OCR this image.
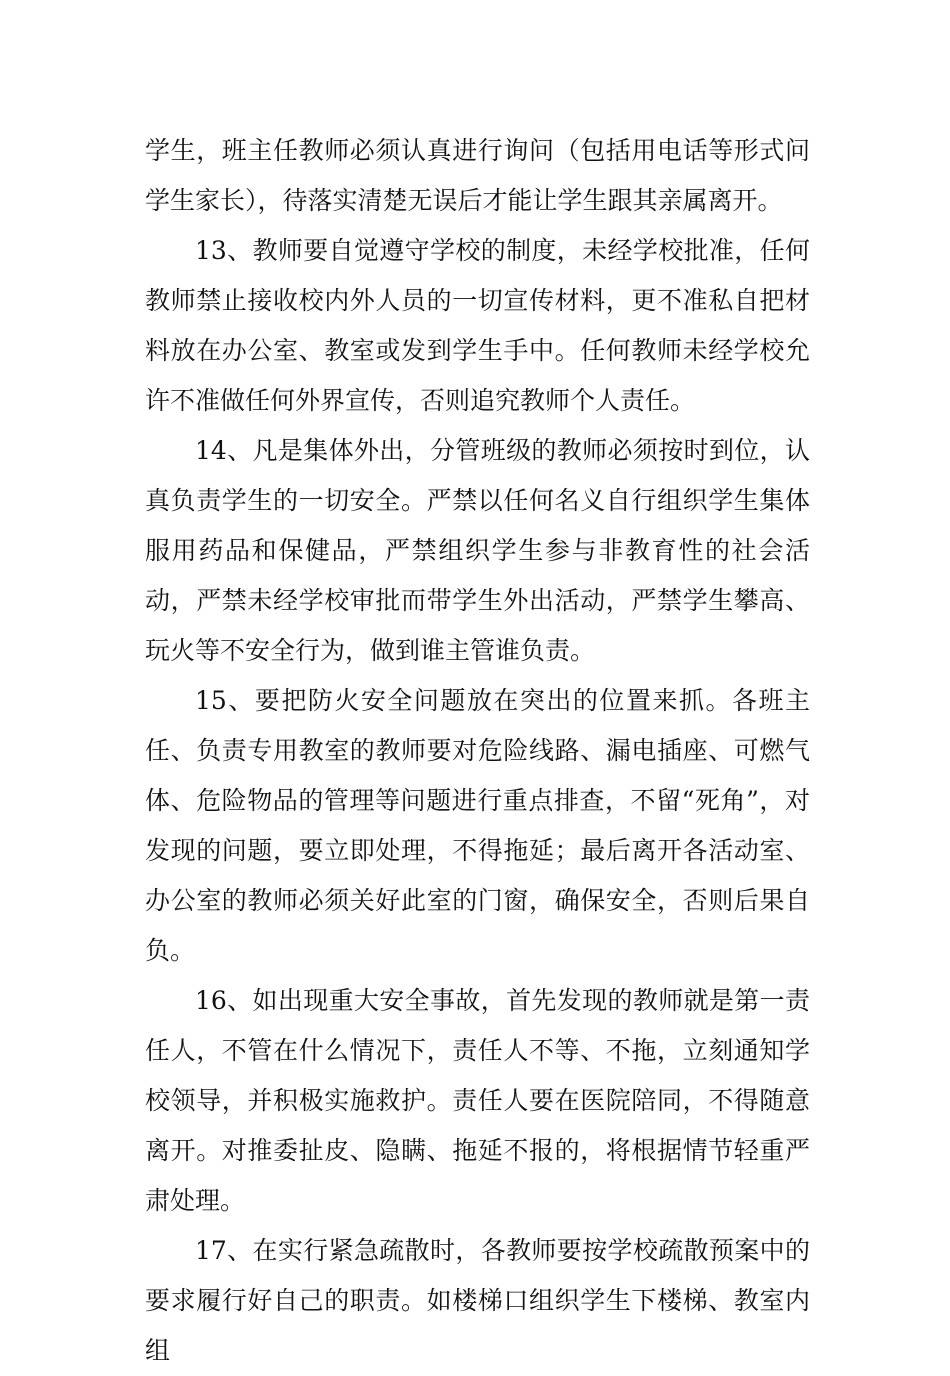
学生，班主任教师必须认真进行询问（包括用电话等形式问学生家长），待落实清楚无误后才能让学生跟其亲属离开。

13、教师要自觉遵守学校的制度，未经学校批准，任何教师禁止接收校内外人员的一切宣传材料，更不准私自把材料放在办公室、教室或发到学生手中。任何教师未经学校允许不准做任何外界宣传，否则追究教师个人责任。

14、凡是集体外出，分管班级的教师必须按时到位，认真负责学生的一切安全。严禁以任何名义自行组织学生集体服用药品和保健品，严禁组织学生参与非教育性的社会活动，严禁未经学校审批而带学生外出活动，严禁学生攀高、玩火等不安全行为，做到谁主管谁负责。

15、要把防火安全问题放在突出的位置来抓。各班主任、负责专用教室的教师要对危险线路、漏电插座、可燃气体、危险物品的管理等问题进行重点排查，不留“死角”，对发现的问题，要立即处理，不得拖延；最后离开各活动室、办公室的教师必须关好此室的门窗，确保安全，否则后果自负。

16、如出现重大安全事故，首先发现的教师就是第一责任人，不管在什么情况下，责任人不等、不拖，立刻通知学校领导，并积极实施救护。责任人要在医院陪同，不得随意离开。对推委扯皮、隐瞒、拖延不报的，将根据情节轻重严肃处理。

17、在实行紧急疏散时，各教师要按学校疏散预案中的要求履行好自己的职责。如楼梯口组织学生下楼梯、教室内组
